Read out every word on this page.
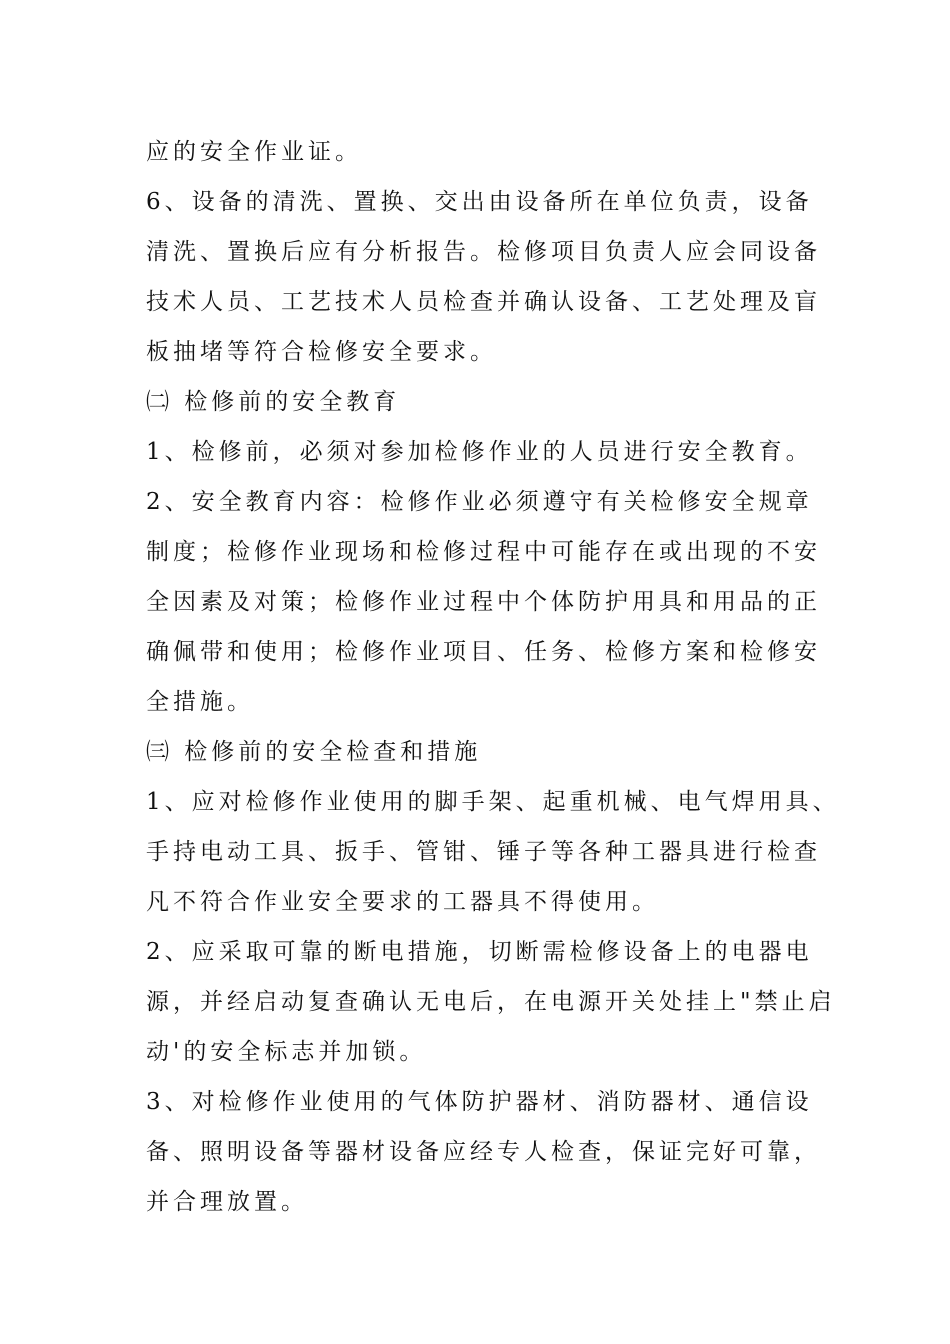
应的安全作业证。

6、设备的清洗、置换、交出由设备所在单位负责，设备

清洗、置换后应有分析报告。检修项目负责人应会同设备

技术人员、工艺技术人员检查并确认设备、工艺处理及盲

板抽堵等符合检修安全要求。

㈡ 检修前的安全教育

1、检修前，必须对参加检修作业的人员进行安全教育。

2、安全教育内容：检修作业必须遵守有关检修安全规章

制度；检修作业现场和检修过程中可能存在或出现的不安

全因素及对策；检修作业过程中个体防护用具和用品的正

确佩带和使用；检修作业项目、任务、检修方案和检修安

全措施。

㈢ 检修前的安全检查和措施

1、应对检修作业使用的脚手架、起重机械、电气焊用具、

手持电动工具、扳手、管钳、锤子等各种工器具进行检查

凡不符合作业安全要求的工器具不得使用。

2、应采取可靠的断电措施，切断需检修设备上的电器电

源，并经启动复查确认无电后，在电源开关处挂上"禁止启

动'的安全标志并加锁。

3、对检修作业使用的气体防护器材、消防器材、通信设

备、照明设备等器材设备应经专人检查，保证完好可靠，

并合理放置。
